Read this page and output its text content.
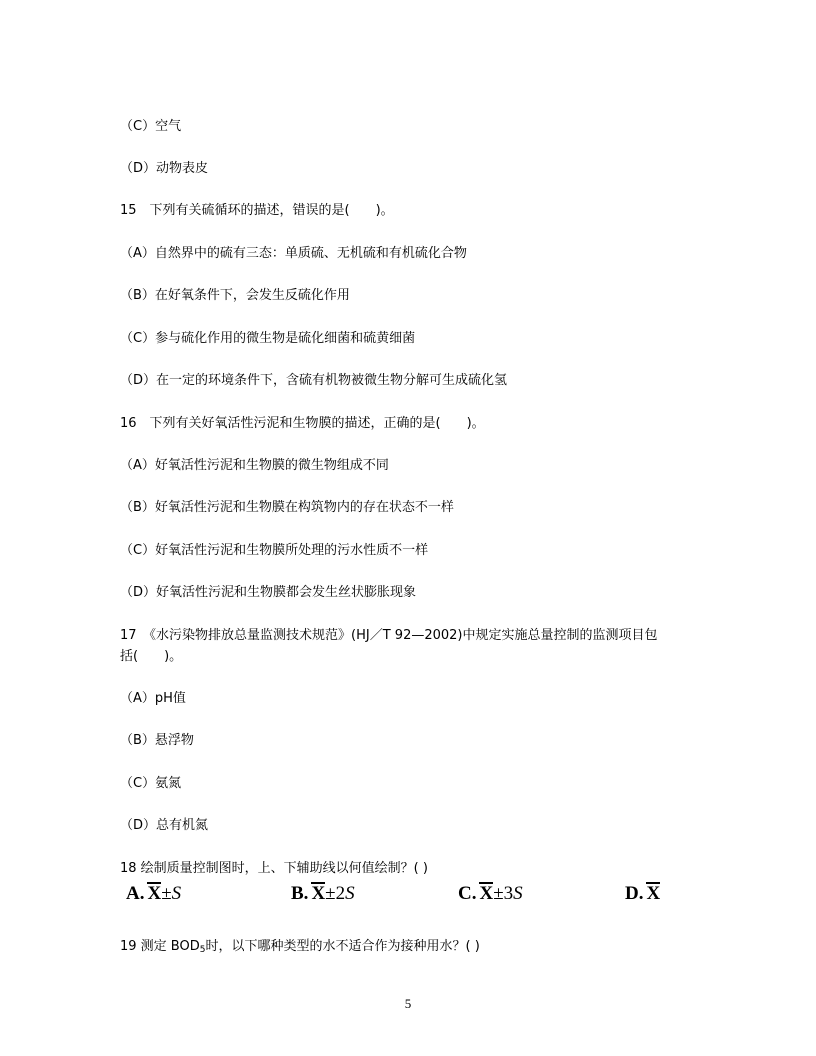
（C）空气
（D）动物表皮
15　下列有关硫循环的描述，错误的是(　　)。
（A）自然界中的硫有三态：单质硫、无机硫和有机硫化合物
（B）在好氧条件下，会发生反硫化作用
（C）参与硫化作用的微生物是硫化细菌和硫黄细菌
（D）在一定的环境条件下，含硫有机物被微生物分解可生成硫化氢
16　下列有关好氧活性污泥和生物膜的描述，正确的是(　　)。
（A）好氧活性污泥和生物膜的微生物组成不同
（B）好氧活性污泥和生物膜在构筑物内的存在状态不一样
（C）好氧活性污泥和生物膜所处理的污水性质不一样
（D）好氧活性污泥和生物膜都会发生丝状膨胀现象
17　《水污染物排放总量监测技术规范》(HJ／T 92—2002)中规定实施总量控制的监测项目包
括(　　)。
（A）pH值
（B）悬浮物
（C）氨氮
（D）总有机氮
18 绘制质量控制图时，上、下辅助线以何值绘制？( )
A. X±S	B. X±2S	C. X±3S	D. X
19 测定 $BOD_5$时，以下哪种类型的水不适合作为接种用水？( )
5
